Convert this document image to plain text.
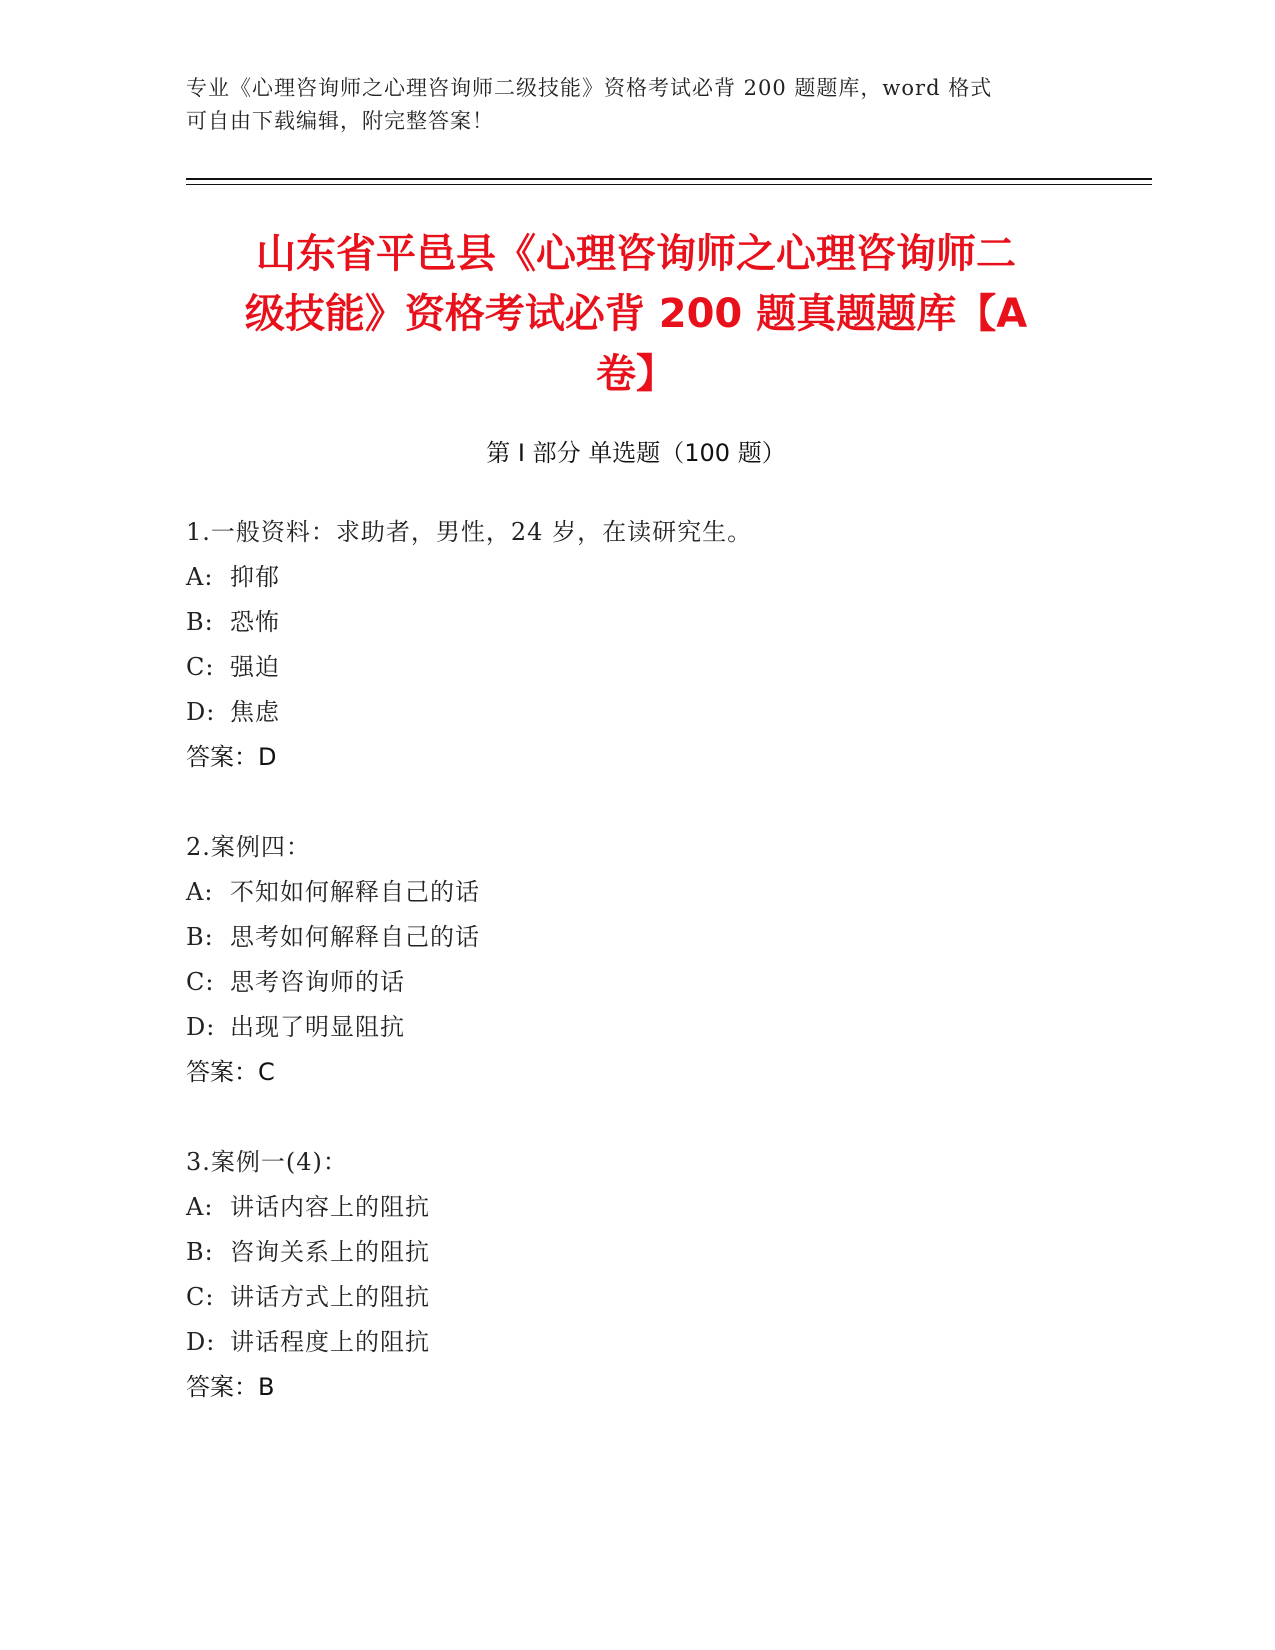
专业《心理咨询师之心理咨询师二级技能》资格考试必背 200 题题库，word 格式
可自由下载编辑，附完整答案！
山东省平邑县《心理咨询师之心理咨询师二
级技能》资格考试必背 200 题真题题库【A
卷】
第 I 部分 单选题（100 题）
1.一般资料：求助者，男性，24 岁，在读研究生。
A: 抑郁
B: 恐怖
C: 强迫
D: 焦虑
答案：D
2.案例四：
A: 不知如何解释自己的话
B: 思考如何解释自己的话
C: 思考咨询师的话
D: 出现了明显阻抗
答案：C
3.案例一(4)：
A: 讲话内容上的阻抗
B: 咨询关系上的阻抗
C: 讲话方式上的阻抗
D: 讲话程度上的阻抗
答案：B
